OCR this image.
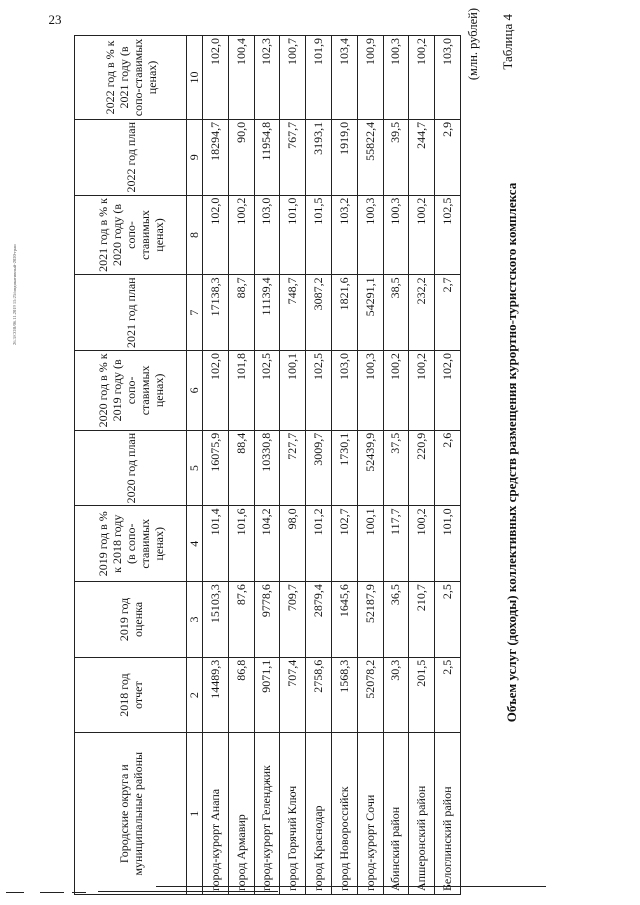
23	Таблица 4
Объем услуг (доходы) коллективных средств размещения курортно-туристского комплекса
(млн. рублей)
Городские округа и муниципальные районы	2018 год отчет	2019 год оценка	2019 год в % к 2018 году (в сопо-ставимых ценах)	2020 год план	2020 год в % к 2019 году (в сопо-ставимых ценах)	2021 год план	2021 год в % к 2020 году (в сопо-ставимых ценах)	2022 год план	2022 год в % к 2021 году (в сопо-ставимых ценах)
1	2	3	4	5	6	7	8	9	10
город-курорт Анапа	14489,3	15103,3	101,4	16075,9	102,0	17138,3	102,0	18294,7	102,0
город Армавир	86,8	87,6	101,6	88,4	101,8	88,7	100,2	90,0	100,4
город-курорт Геленджик	9071,1	9778,6	104,2	10330,8	102,5	11139,4	103,0	11954,8	102,3
город Горячий Ключ	707,4	709,7	98,0	727,7	100,1	748,7	101,0	767,7	100,7
город Краснодар	2758,6	2879,4	101,2	3009,7	102,5	3087,2	101,5	3193,1	101,9
город Новороссийск	1568,3	1645,6	102,7	1730,1	103,0	1821,6	103,2	1919,0	103,4
город-курорт Сочи	52078,2	52187,9	100,1	52439,9	100,3	54291,1	100,3	55822,4	100,9
Абинский район	30,3	36,5	117,7	37,5	100,2	38,5	100,3	39,5	100,3
Апшеронский район	201,5	210,7	100,2	220,9	100,2	232,2	100,2	244,7	100,2
Белоглинский район	2,5	2,5	101,0	2,6	102,0	2,7	102,5	2,9	103,0
26.3/СОВ/06.11.2019 15:25/индикативный-2020-граи
